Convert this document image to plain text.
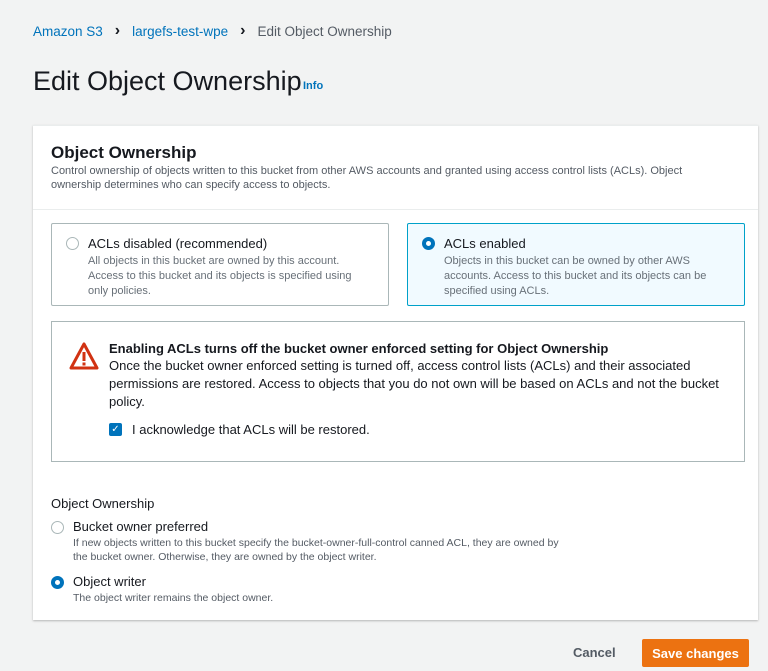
Amazon S3 › largefs-test-wpe › Edit Object Ownership
Edit Object Ownership Info
Object Ownership
Control ownership of objects written to this bucket from other AWS accounts and granted using access control lists (ACLs). Object ownership determines who can specify access to objects.
ACLs disabled (recommended)
All objects in this bucket are owned by this account. Access to this bucket and its objects is specified using only policies.
ACLs enabled
Objects in this bucket can be owned by other AWS accounts. Access to this bucket and its objects can be specified using ACLs.
Enabling ACLs turns off the bucket owner enforced setting for Object Ownership
Once the bucket owner enforced setting is turned off, access control lists (ACLs) and their associated permissions are restored. Access to objects that you do not own will be based on ACLs and not the bucket policy.
✓ I acknowledge that ACLs will be restored.
Object Ownership
Bucket owner preferred
If new objects written to this bucket specify the bucket-owner-full-control canned ACL, they are owned by the bucket owner. Otherwise, they are owned by the object writer.
Object writer
The object writer remains the object owner.
Cancel	Save changes
